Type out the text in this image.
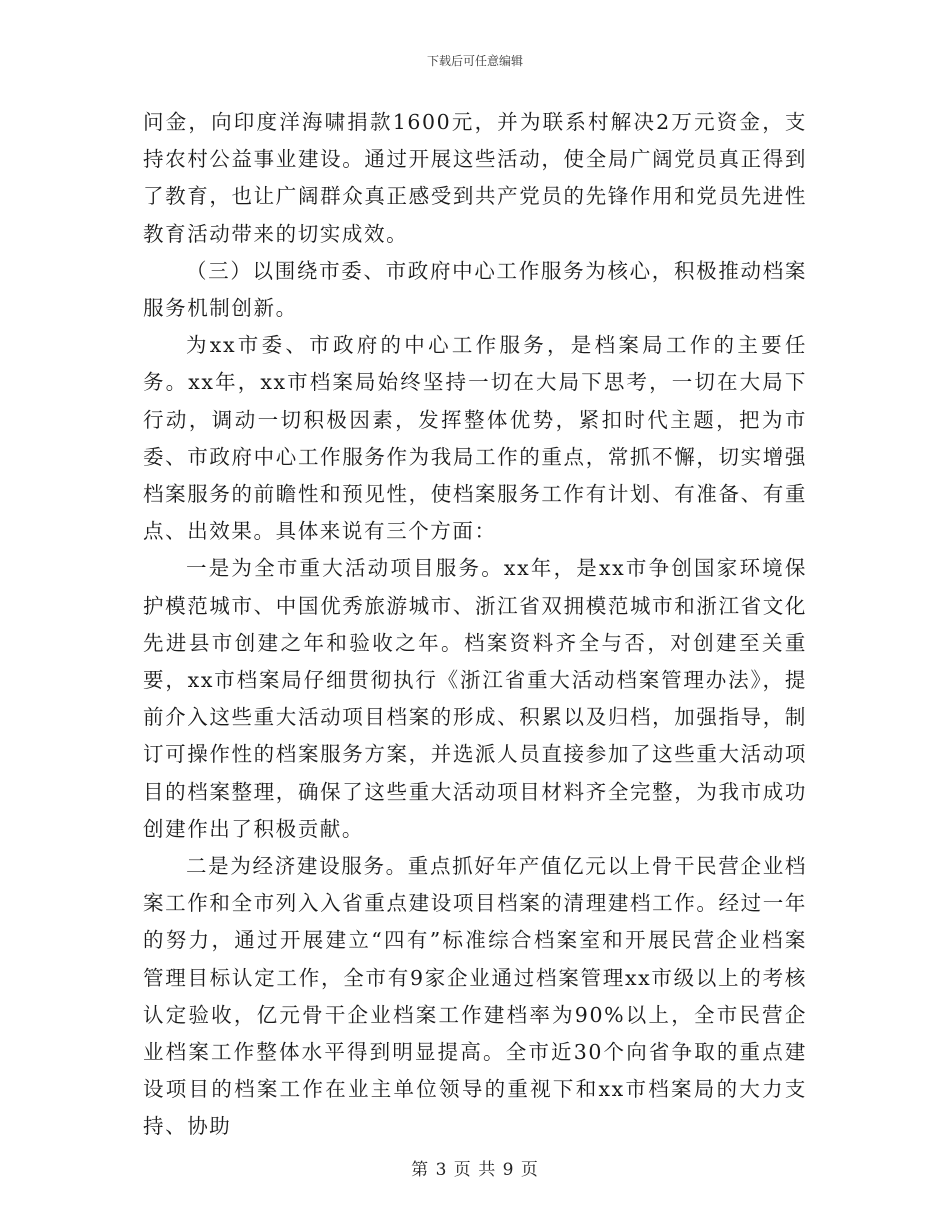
下载后可任意编辑

问金，向印度洋海啸捐款1600元，并为联系村解决2万元资金，支持农村公益事业建设。通过开展这些活动，使全局广阔党员真正得到了教育，也让广阔群众真正感受到共产党员的先锋作用和党员先进性教育活动带来的切实成效。

（三）以围绕市委、市政府中心工作服务为核心，积极推动档案服务机制创新。

为xx市委、市政府的中心工作服务，是档案局工作的主要任务。xx年，xx市档案局始终坚持一切在大局下思考，一切在大局下行动，调动一切积极因素，发挥整体优势，紧扣时代主题，把为市委、市政府中心工作服务作为我局工作的重点，常抓不懈，切实增强档案服务的前瞻性和预见性，使档案服务工作有计划、有准备、有重点、出效果。具体来说有三个方面：

一是为全市重大活动项目服务。xx年，是xx市争创国家环境保护模范城市、中国优秀旅游城市、浙江省双拥模范城市和浙江省文化先进县市创建之年和验收之年。档案资料齐全与否，对创建至关重要，xx市档案局仔细贯彻执行《浙江省重大活动档案管理办法》，提前介入这些重大活动项目档案的形成、积累以及归档，加强指导，制订可操作性的档案服务方案，并选派人员直接参加了这些重大活动项目的档案整理，确保了这些重大活动项目材料齐全完整，为我市成功创建作出了积极贡献。

二是为经济建设服务。重点抓好年产值亿元以上骨干民营企业档案工作和全市列入入省重点建设项目档案的清理建档工作。经过一年的努力，通过开展建立“四有”标准综合档案室和开展民营企业档案管理目标认定工作，全市有9家企业通过档案管理xx市级以上的考核认定验收，亿元骨干企业档案工作建档率为90%以上，全市民营企业档案工作整体水平得到明显提高。全市近30个向省争取的重点建设项目的档案工作在业主单位领导的重视下和xx市档案局的大力支持、协助

第 3 页 共 9 页
